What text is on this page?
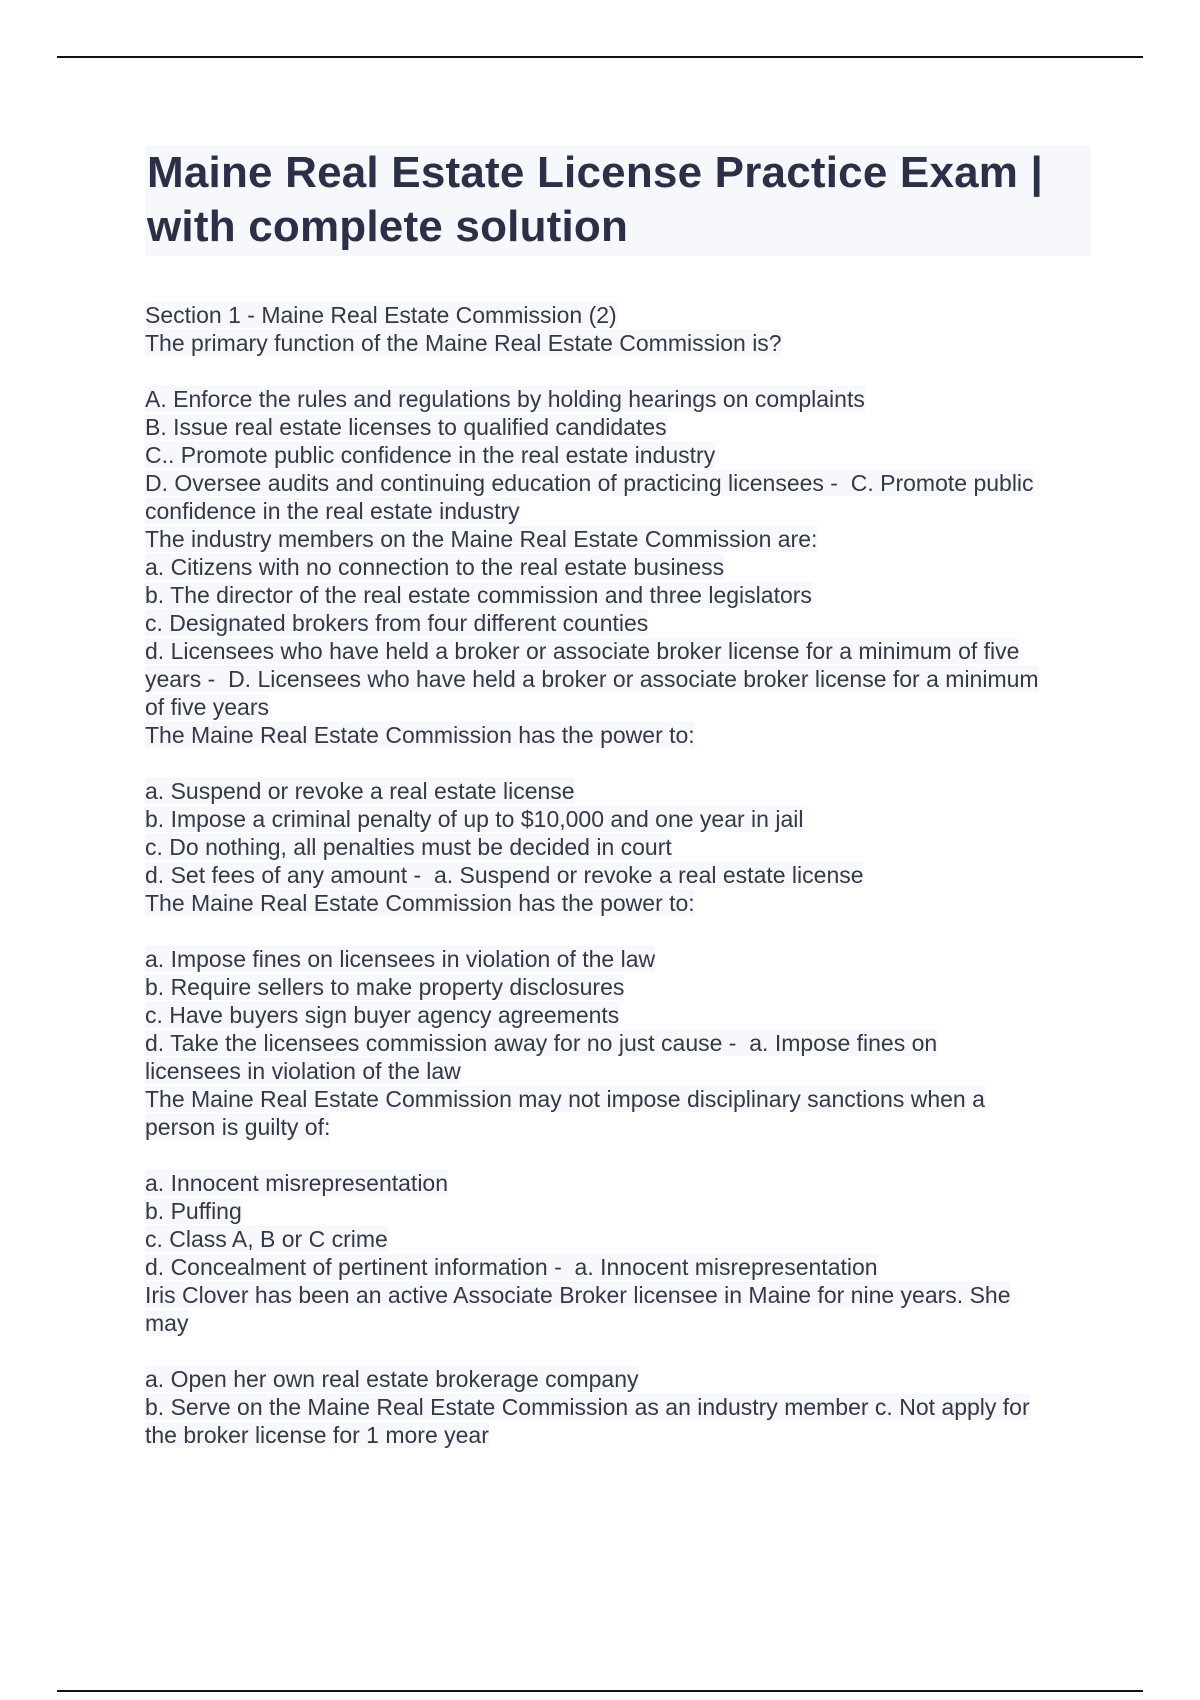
Maine Real Estate License Practice Exam | with complete solution
Section 1 - Maine Real Estate Commission (2)
The primary function of the Maine Real Estate Commission is?
A. Enforce the rules and regulations by holding hearings on complaints
B. Issue real estate licenses to qualified candidates
C.. Promote public confidence in the real estate industry
D. Oversee audits and continuing education of practicing licensees -  C. Promote public
confidence in the real estate industry
The industry members on the Maine Real Estate Commission are:
a. Citizens with no connection to the real estate business
b. The director of the real estate commission and three legislators
c. Designated brokers from four different counties
d. Licensees who have held a broker or associate broker license for a minimum of five
years -  D. Licensees who have held a broker or associate broker license for a minimum
of five years
The Maine Real Estate Commission has the power to:
a. Suspend or revoke a real estate license
b. Impose a criminal penalty of up to $10,000 and one year in jail
c. Do nothing, all penalties must be decided in court
d. Set fees of any amount -  a. Suspend or revoke a real estate license
The Maine Real Estate Commission has the power to:
a. Impose fines on licensees in violation of the law
b. Require sellers to make property disclosures
c. Have buyers sign buyer agency agreements
d. Take the licensees commission away for no just cause -  a. Impose fines on
licensees in violation of the law
The Maine Real Estate Commission may not impose disciplinary sanctions when a
person is guilty of:
a. Innocent misrepresentation
b. Puffing
c. Class A, B or C crime
d. Concealment of pertinent information -  a. Innocent misrepresentation
Iris Clover has been an active Associate Broker licensee in Maine for nine years. She
may
a. Open her own real estate brokerage company
b. Serve on the Maine Real Estate Commission as an industry member c. Not apply for
the broker license for 1 more year
